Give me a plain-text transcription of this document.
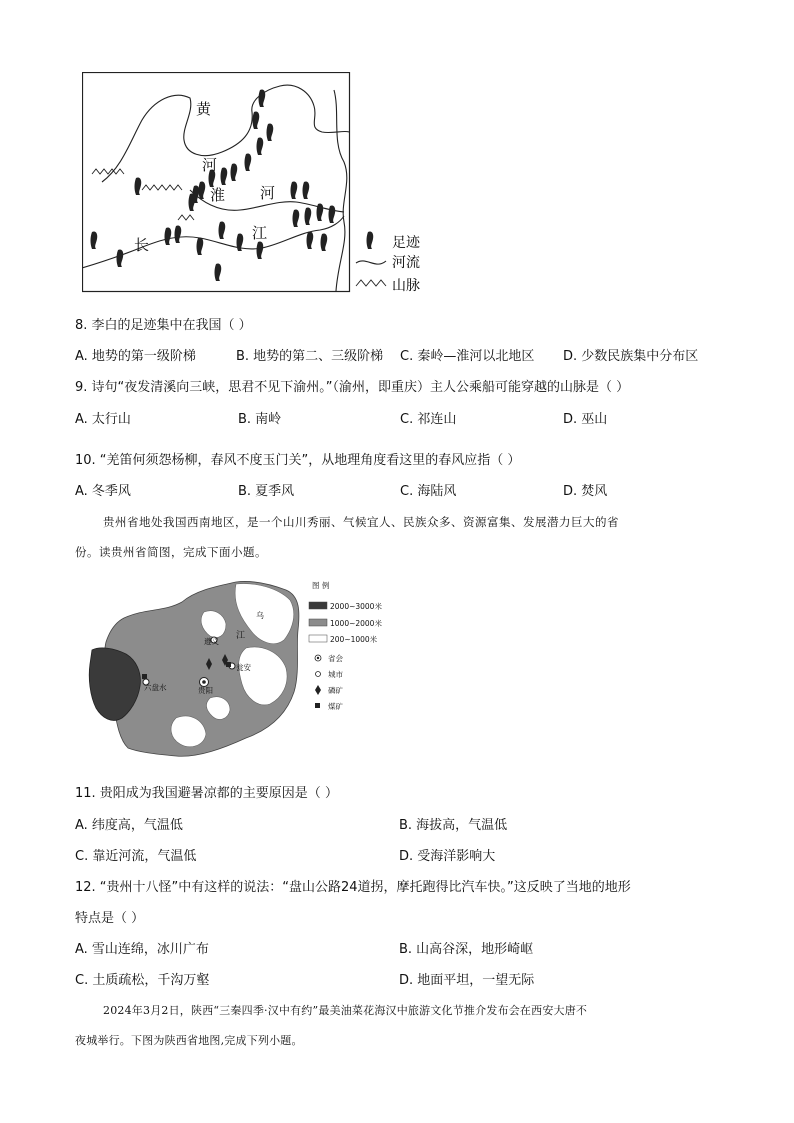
黄
河
淮 河
长
江
足迹
河流
山脉
8. 李白的足迹集中在我国（ ）
A. 地势的第一级阶梯	B. 地势的第二、三级阶梯 C. 秦岭—淮河以北地区 D. 少数民族集中分布区
9. 诗句“夜发清溪向三峡，思君不见下渝州。”（渝州，即重庆）主人公乘船可能穿越的山脉是（ ）
A. 太行山	B. 南岭	C. 祁连山	D. 巫山
10. “羌笛何须怨杨柳，春风不度玉门关”，从地理角度看这里的春风应指（ ）
A. 冬季风	B. 夏季风	C. 海陆风	D. 焚风
贵州省地处我国西南地区，是一个山川秀丽、气候宜人、民族众多、资源富集、发展潜力巨大的省
份。读贵州省简图，完成下面小题。
遵义
贵阳
六盘水
瓮安
江
乌
图 例
2000~3000米
1000~2000米
200~1000米
省会
城市
磷矿
煤矿
11. 贵阳成为我国避暑凉都的主要原因是（ ）
A. 纬度高，气温低	B. 海拔高，气温低
C. 靠近河流，气温低	D. 受海洋影响大
12. “贵州十八怪”中有这样的说法：“盘山公路24道拐，摩托跑得比汽车快。”这反映了当地的地形
特点是（ ）
A. 雪山连绵，冰川广布	B. 山高谷深，地形崎岖
C. 土质疏松，千沟万壑	D. 地面平坦，一望无际
2024年3月2日，陕西“三秦四季·汉中有约”最美油菜花海汉中旅游文化节推介发布会在西安大唐不
夜城举行。下图为陕西省地图,完成下列小题。
